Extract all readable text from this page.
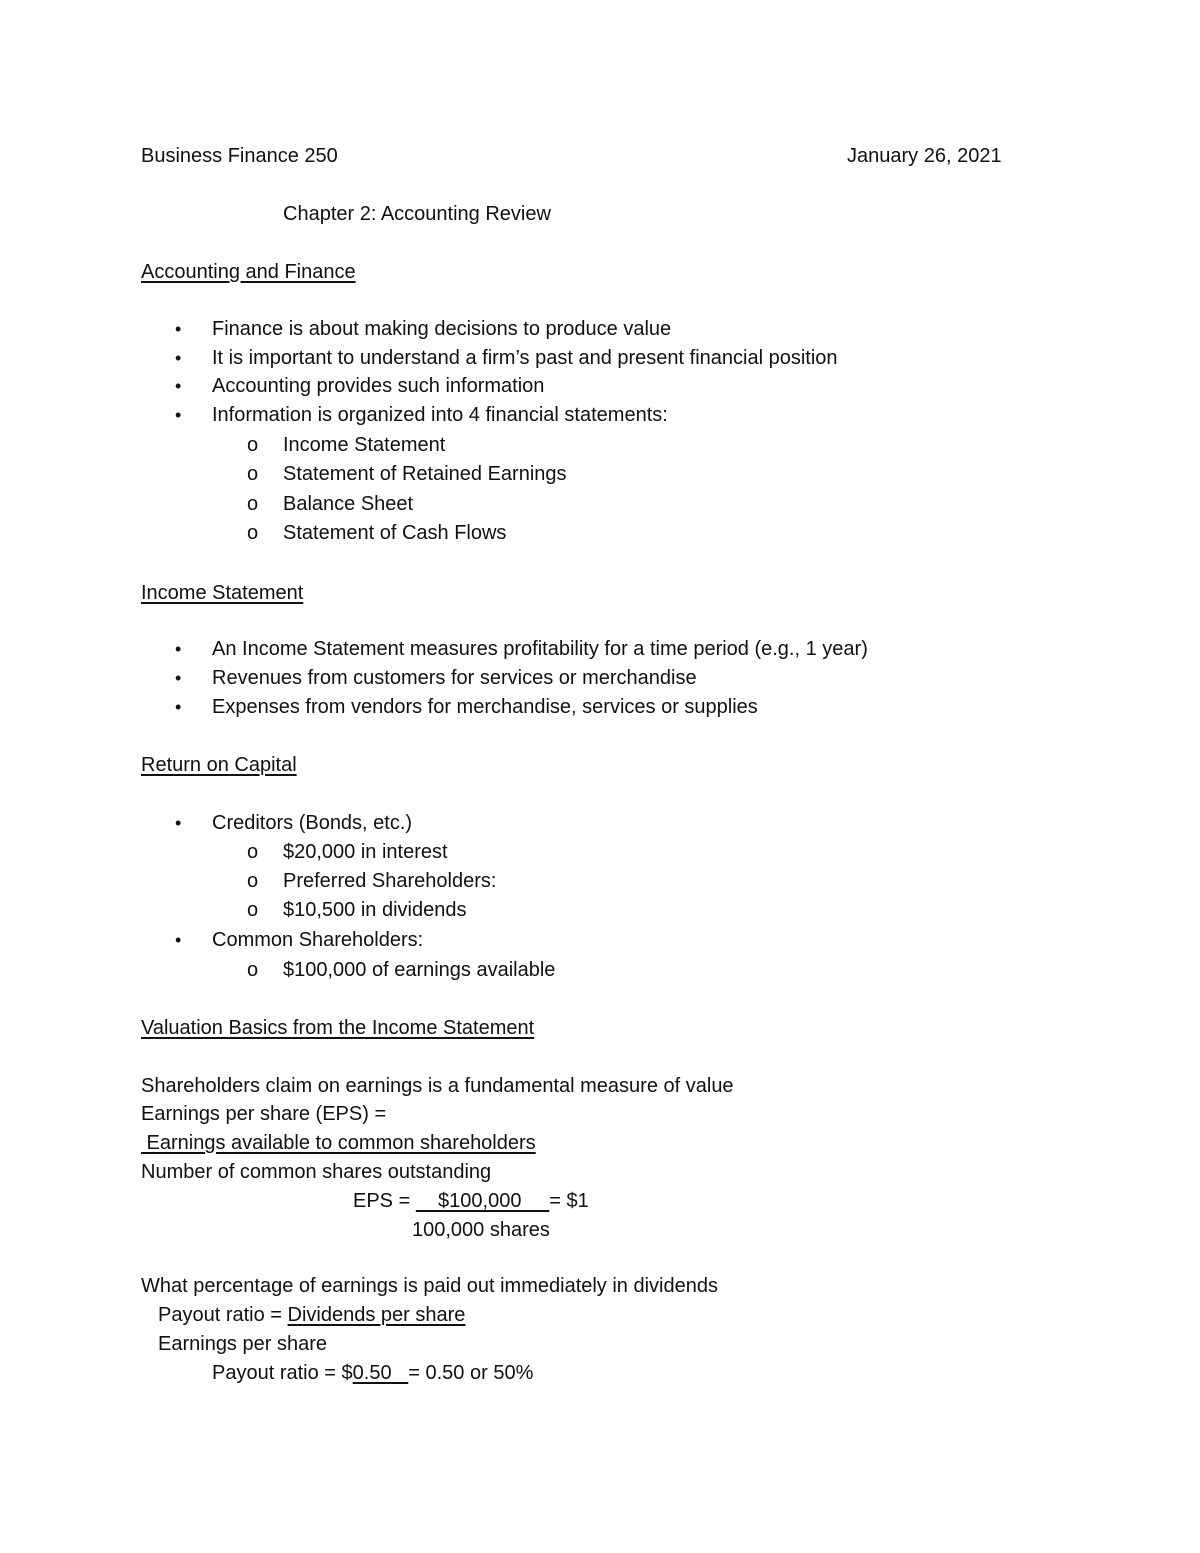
Business Finance 250	January 26, 2021
Chapter 2: Accounting Review
Accounting and Finance
• Finance is about making decisions to produce value
• It is important to understand a firm’s past and present financial position
• Accounting provides such information
• Information is organized into 4 financial statements:
o Income Statement
o Statement of Retained Earnings
o Balance Sheet
o Statement of Cash Flows
Income Statement
• An Income Statement measures profitability for a time period (e.g., 1 year)
• Revenues from customers for services or merchandise
• Expenses from vendors for merchandise, services or supplies
Return on Capital
• Creditors (Bonds, etc.)
o $20,000 in interest
o Preferred Shareholders:
o $10,500 in dividends
• Common Shareholders:
o $100,000 of earnings available
Valuation Basics from the Income Statement
Shareholders claim on earnings is a fundamental measure of value
Earnings per share (EPS) =
Earnings available to common shareholders
Number of common shares outstanding
EPS =     $100,000     = $1
100,000 shares
What percentage of earnings is paid out immediately in dividends
Payout ratio = Dividends per share
Earnings per share
Payout ratio = $0.50   = 0.50 or 50%
